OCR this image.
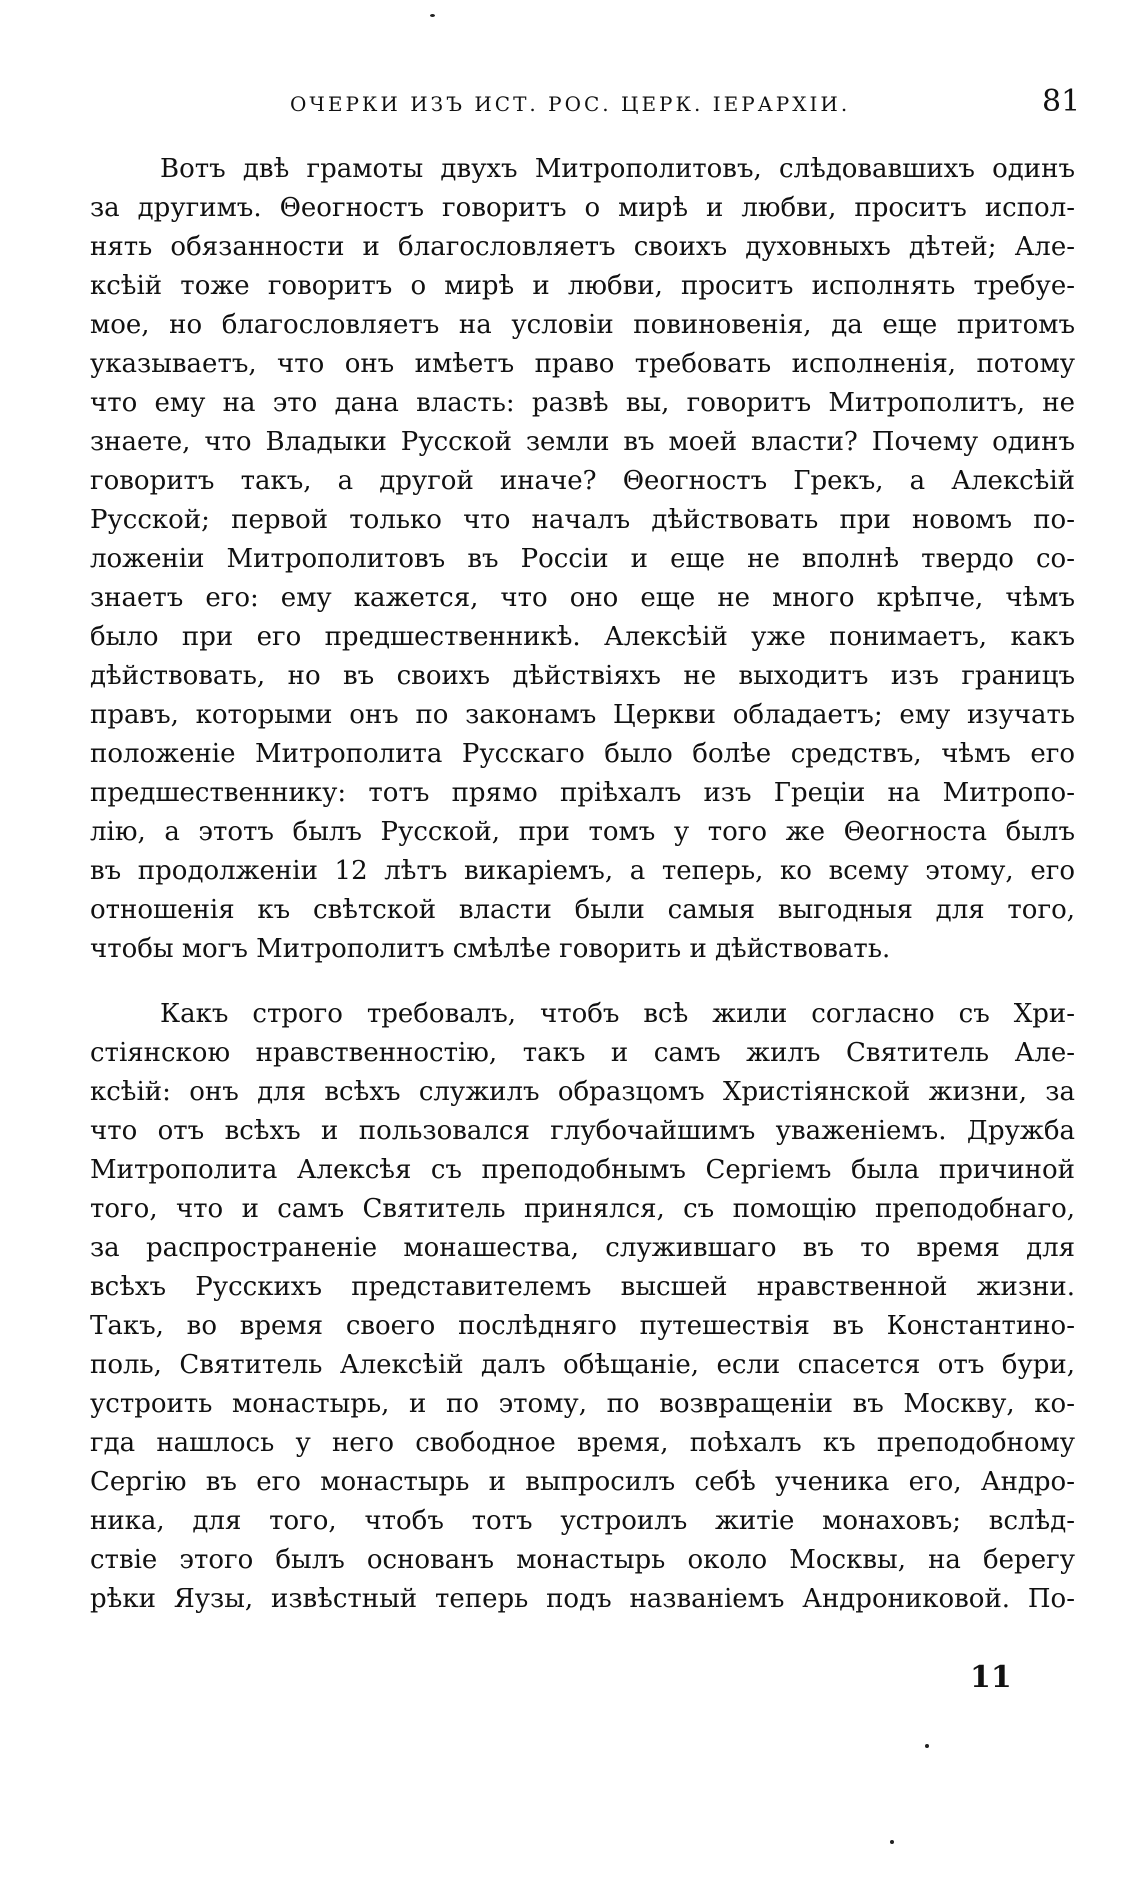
ОЧЕРКИ ИЗЪ ИСТ. РОС. ЦЕРК. ІЕРАРХІИ.	81
Вотъ двѣ грамоты двухъ Митрополитовъ, слѣдовавшихъ одинъ
за другимъ. Θеогностъ говоритъ о мирѣ и любви, проситъ испол-
нять обязанности и благословляетъ своихъ духовныхъ дѣтей; Але-
ксѣій тоже говоритъ о мирѣ и любви, проситъ исполнять требуе-
мое, но благословляетъ на условіи повиновенія, да еще притомъ
указываетъ, что онъ имѣетъ право требовать исполненія, потому
что ему на это дана власть: развѣ вы, говоритъ Митрополитъ, не
знаете, что Владыки Русской земли въ моей власти? Почему одинъ
говоритъ такъ, а другой иначе? Θеогностъ Грекъ, а Алексѣій
Русской; первой только что началъ дѣйствовать при новомъ по-
ложеніи Митрополитовъ въ Россіи и еще не вполнѣ твердо со-
знаетъ его: ему кажется, что оно еще не много крѣпче, чѣмъ
было при его предшественникѣ. Алексѣій уже понимаетъ, какъ
дѣйствовать, но въ своихъ дѣйствіяхъ не выходитъ изъ границъ
правъ, которыми онъ по законамъ Церкви обладаетъ; ему изучать
положеніе Митрополита Русскаго было болѣе средствъ, чѣмъ его
предшественнику: тотъ прямо пріѣхалъ изъ Греціи на Митропо-
лію, а этотъ былъ Русской, при томъ у того же Θеогноста былъ
въ продолженіи 12 лѣтъ викаріемъ, а теперь, ко всему этому, его
отношенія къ свѣтской власти были самыя выгодныя для того,
чтобы могъ Митрополитъ смѣлѣе говорить и дѣйствовать.
Какъ строго требовалъ, чтобъ всѣ жили согласно съ Хри-
стіянскою нравственностію, такъ и самъ жилъ Святитель Але-
ксѣій: онъ для всѣхъ служилъ образцомъ Христіянской жизни, за
что отъ всѣхъ и пользовался глубочайшимъ уваженіемъ. Дружба
Митрополита Алексѣя съ преподобнымъ Сергіемъ была причиной
того, что и самъ Святитель принялся, съ помощію преподобнаго,
за распространеніе монашества, служившаго въ то время для
всѣхъ Русскихъ представителемъ высшей нравственной жизни.
Такъ, во время своего послѣдняго путешествія въ Константино-
поль, Святитель Алексѣій далъ обѣщаніе, если спасется отъ бури,
устроить монастырь, и по этому, по возвращеніи въ Москву, ко-
гда нашлось у него свободное время, поѣхалъ къ преподобному
Сергію въ его монастырь и выпросилъ себѣ ученика его, Андро-
ника, для того, чтобъ тотъ устроилъ житіе монаховъ; вслѣд-
ствіе этого былъ основанъ монастырь около Москвы, на берегу
рѣки Яузы, извѣстный теперь подъ названіемъ Андрониковой. По-
11
